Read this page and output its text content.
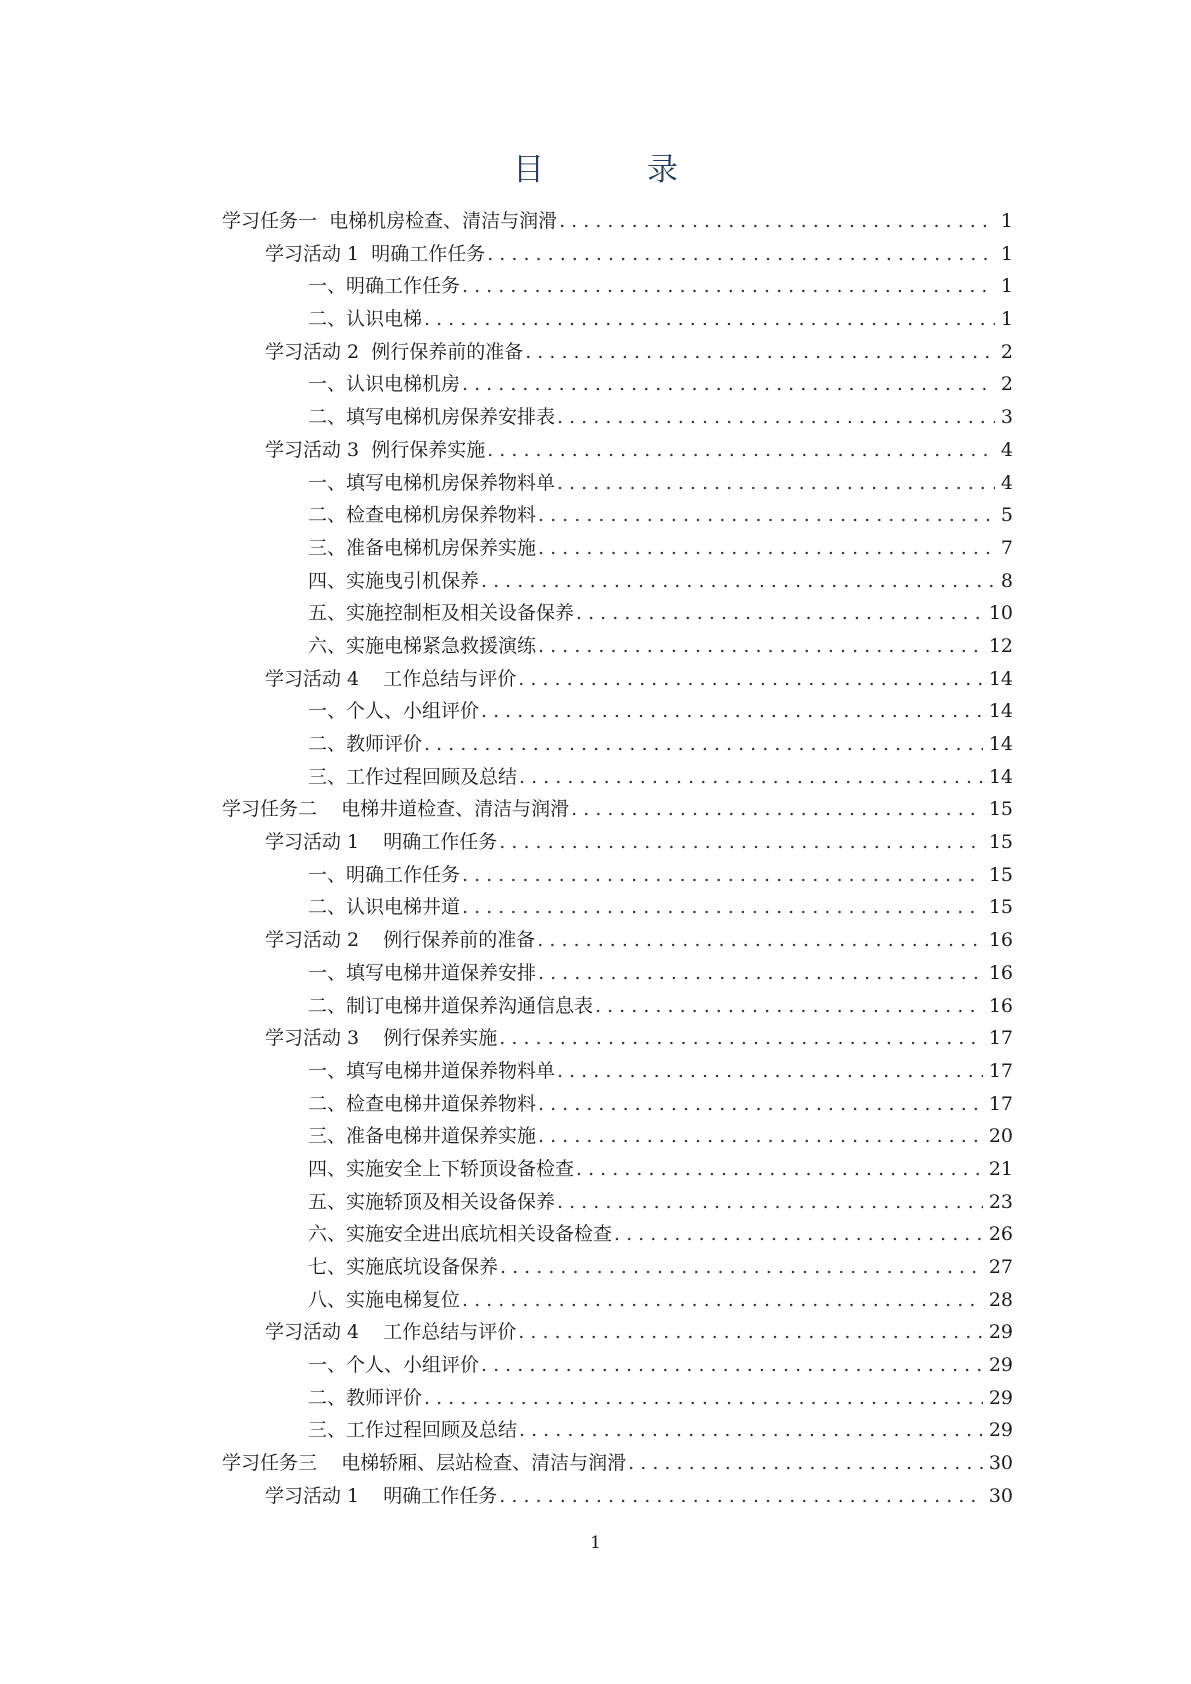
目　录
学习任务一  电梯机房检查、清洁与润滑 . . .	1
学习活动 1  明确工作任务 . . .	1
一、明确工作任务 . . .	1
二、认识电梯 . . .	1
学习活动 2  例行保养前的准备 . . .	2
一、认识电梯机房 . . .	2
二、填写电梯机房保养安排表 . . .	3
学习活动 3  例行保养实施 . . .	4
一、填写电梯机房保养物料单 . . .	4
二、检查电梯机房保养物料 . . .	5
三、准备电梯机房保养实施 . . .	7
四、实施曳引机保养 . . .	8
五、实施控制柜及相关设备保养 . . .	10
六、实施电梯紧急救援演练 . . .	12
学习活动 4    工作总结与评价 . . .	14
一、个人、小组评价 . . .	14
二、教师评价 . . .	14
三、工作过程回顾及总结 . . .	14
学习任务二    电梯井道检查、清洁与润滑 . . .	15
学习活动 1    明确工作任务 . . .	15
一、明确工作任务 . . .	15
二、认识电梯井道 . . .	15
学习活动 2    例行保养前的准备 . . .	16
一、填写电梯井道保养安排 . . .	16
二、制订电梯井道保养沟通信息表 . . .	16
学习活动 3    例行保养实施 . . .	17
一、填写电梯井道保养物料单 . . .	17
二、检查电梯井道保养物料 . . .	17
三、准备电梯井道保养实施 . . .	20
四、实施安全上下轿顶设备检查 . . .	21
五、实施轿顶及相关设备保养 . . .	23
六、实施安全进出底坑相关设备检查 . . .	26
七、实施底坑设备保养 . . .	27
八、实施电梯复位 . . .	28
学习活动 4    工作总结与评价 . . .	29
一、个人、小组评价 . . .	29
二、教师评价 . . .	29
三、工作过程回顾及总结 . . .	29
学习任务三    电梯轿厢、层站检查、清洁与润滑 . . .	30
学习活动 1    明确工作任务 . . .	30
1
